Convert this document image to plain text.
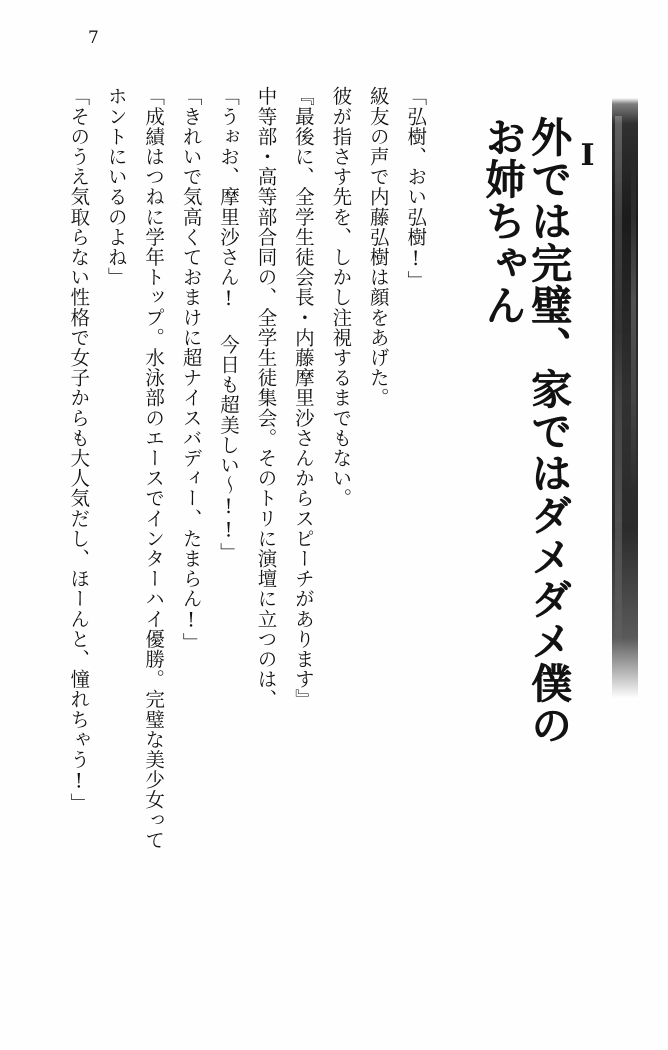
7
I
外では完璧、家ではダメダメ僕のお姉ちゃん

「弘樹、おい弘樹!」

級友の声で内藤弘樹は顔をあげた。

彼が指さす先を、しかし注視するまでもない。

『最後に、全学生徒会長・内藤摩里沙さんからスピーチがあります』

中等部・高等部合同の、全学生徒集会。そのトリに演壇に立つのは、

「うぉお、摩里沙さん! 今日も超美しい〜!!」

「きれいで気高くておまけに超ナイスバディー、たまらん!」

「成績はつねに学年トップ。水泳部のエースでインターハイ優勝。完璧な美少女って

ホントにいるのよね」

「そのうえ気取らない性格で女子からも大人気だし、ほーんと、憧れちゃう!」
